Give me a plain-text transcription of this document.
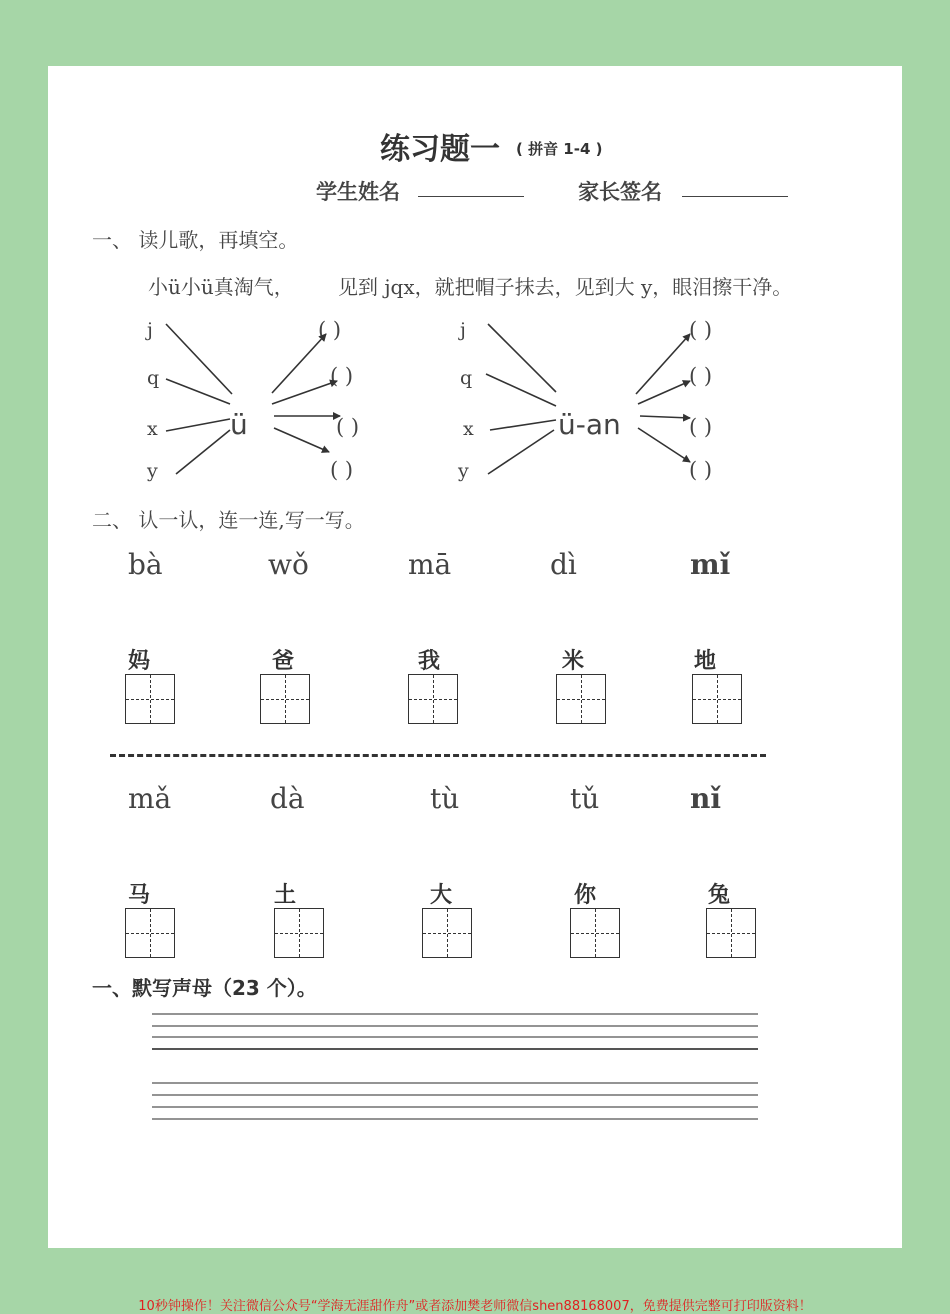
练习题一 ( 拼音 1-4 )
学生姓名	家长签名
一、 读儿歌，再填空。
小ü小ü真淘气， 见到 jqx，就把帽子抹去，见到大 y，眼泪擦干净。
j
q
x
y
ü
( )
( )
( )
( )
j
q
x
y
ü-an
( )
( )
( )
( )
二、 认一认，连一连,写一写。
bà	wǒ	mā	dì	mǐ
妈	爸	我	米	地
mǎ	dà	tù	tǔ	nǐ
马	土	大	你	兔
一、默写声母（23 个）。
10秒钟操作！关注微信公众号“学海无涯甜作舟”或者添加樊老师微信shen88168007，免费提供完整可打印版资料！
